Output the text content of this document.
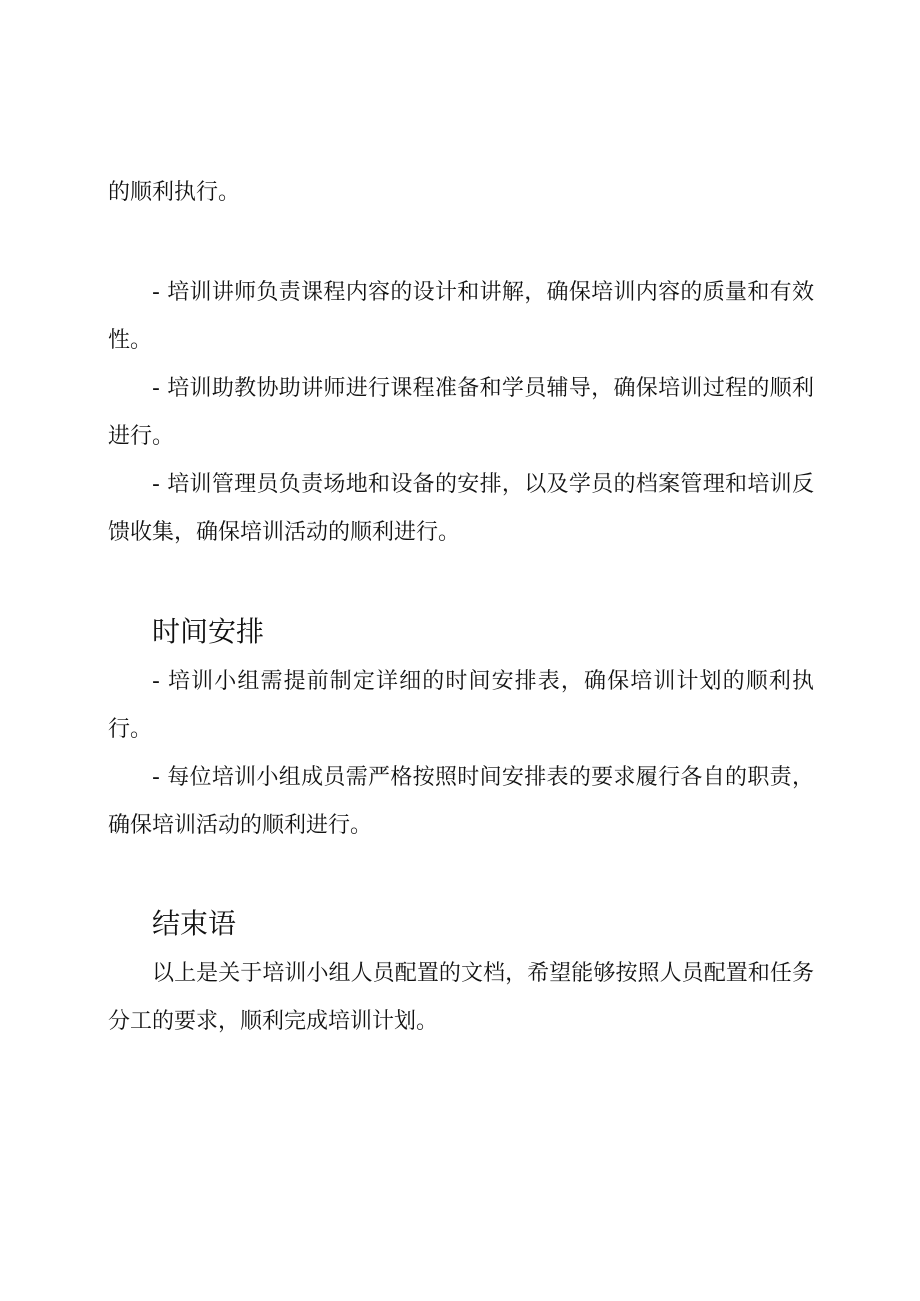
的顺利执行。

- 培训讲师负责课程内容的设计和讲解，确保培训内容的质量和有效性。

- 培训助教协助讲师进行课程准备和学员辅导，确保培训过程的顺利进行。

- 培训管理员负责场地和设备的安排，以及学员的档案管理和培训反馈收集，确保培训活动的顺利进行。

时间安排

- 培训小组需提前制定详细的时间安排表，确保培训计划的顺利执行。

- 每位培训小组成员需严格按照时间安排表的要求履行各自的职责，确保培训活动的顺利进行。

结束语

以上是关于培训小组人员配置的文档，希望能够按照人员配置和任务分工的要求，顺利完成培训计划。
